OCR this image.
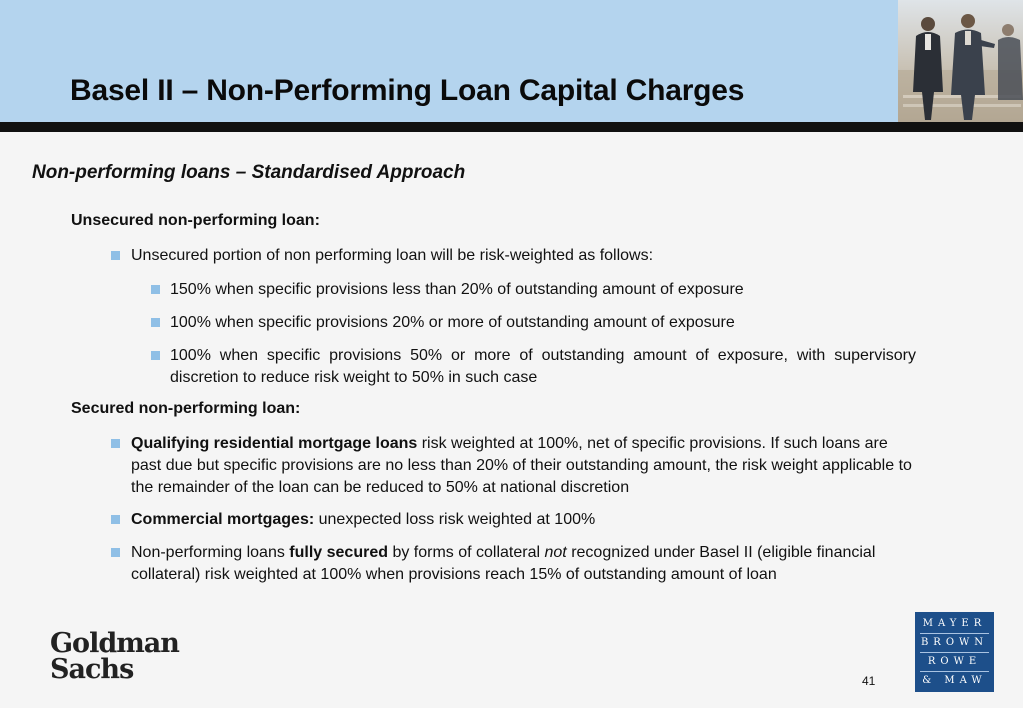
Basel II – Non-Performing Loan Capital Charges
Non-performing loans – Standardised Approach
Unsecured non-performing loan:
Unsecured portion of non performing loan will be risk-weighted as follows:
150% when specific provisions less than 20% of outstanding amount of exposure
100% when specific provisions 20% or more of outstanding amount of exposure
100% when specific provisions 50% or more of outstanding amount of exposure, with supervisory discretion to reduce risk weight to 50% in such case
Secured non-performing loan:
Qualifying residential mortgage loans risk weighted at 100%, net of specific provisions. If such loans are past due but specific provisions are no less than 20% of their outstanding amount, the risk weight applicable to the remainder of the loan can be reduced to 50% at national discretion
Commercial mortgages: unexpected loss risk weighted at 100%
Non-performing loans fully secured by forms of collateral not recognized under Basel II (eligible financial collateral) risk weighted at 100% when provisions reach 15% of outstanding amount of loan
Goldman
Sachs	41
MAYER
BROWN
ROWE
& MAW
